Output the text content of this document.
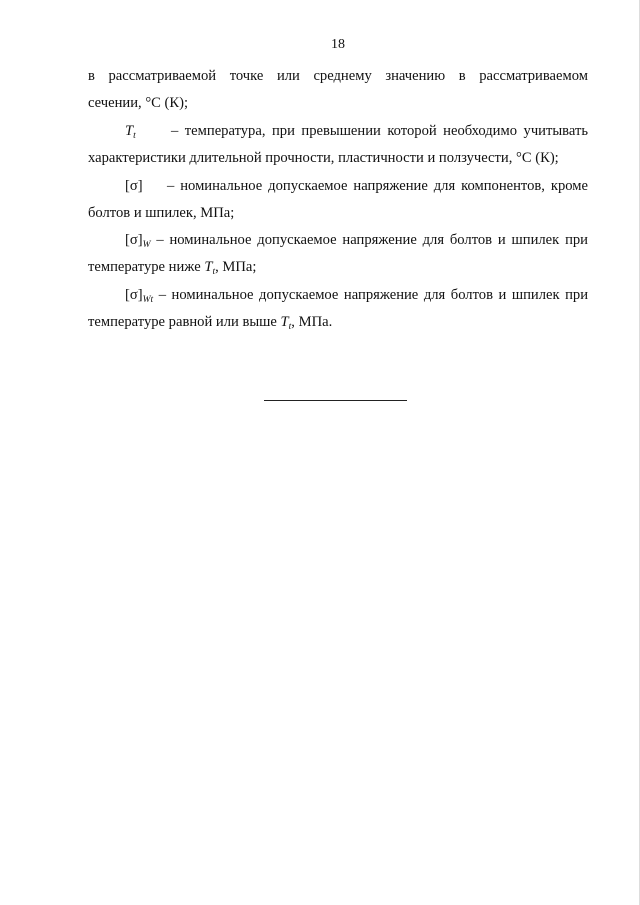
18
в рассматриваемой точке или среднему значению в рассматриваемом
сечении, °С (К);
$T_t$ – температура, при превышении которой необходимо учитывать
характеристики длительной прочности, пластичности и ползучести, °С (К);
[σ] – номинальное допускаемое напряжение для компонентов, кроме
болтов и шпилек, МПа;
$[\sigma]_W$ – номинальное допускаемое напряжение для болтов и шпилек при
температуре ниже $T_t$, МПа;
$[\sigma]_{Wt}$ – номинальное допускаемое напряжение для болтов и шпилек при
температуре равной или выше $T_t$, МПа.
